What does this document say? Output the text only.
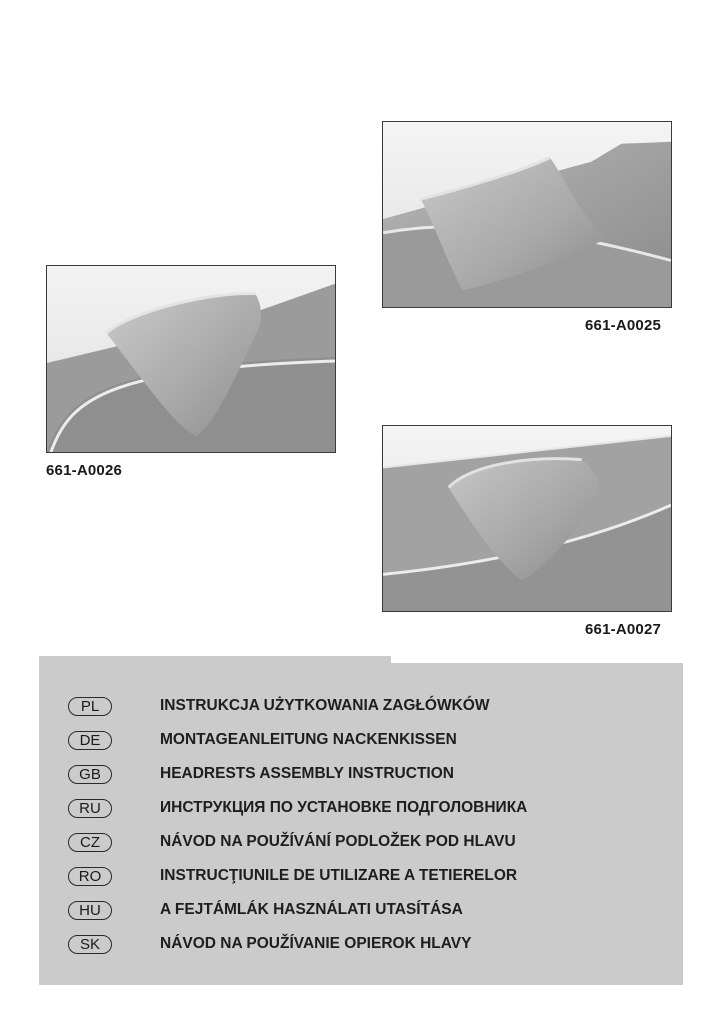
661-A0025
661-A0026
661-A0027
PL	INSTRUKCJA UŻYTKOWANIA ZAGŁÓWKÓW
DE	MONTAGEANLEITUNG NACKENKISSEN
GB	HEADRESTS ASSEMBLY INSTRUCTION
RU	ИНСТРУКЦИЯ ПО УСТАНОВКЕ ПОДГОЛОВНИКА
CZ	NÁVOD NA POUŽÍVÁNÍ PODLOŽEK POD HLAVU
RO	INSTRUCŢIUNILE DE UTILIZARE A TETIERELOR
HU	A FEJTÁMLÁK HASZNÁLATI UTASÍTÁSA
SK	NÁVOD NA POUŽÍVANIE OPIEROK HLAVY
